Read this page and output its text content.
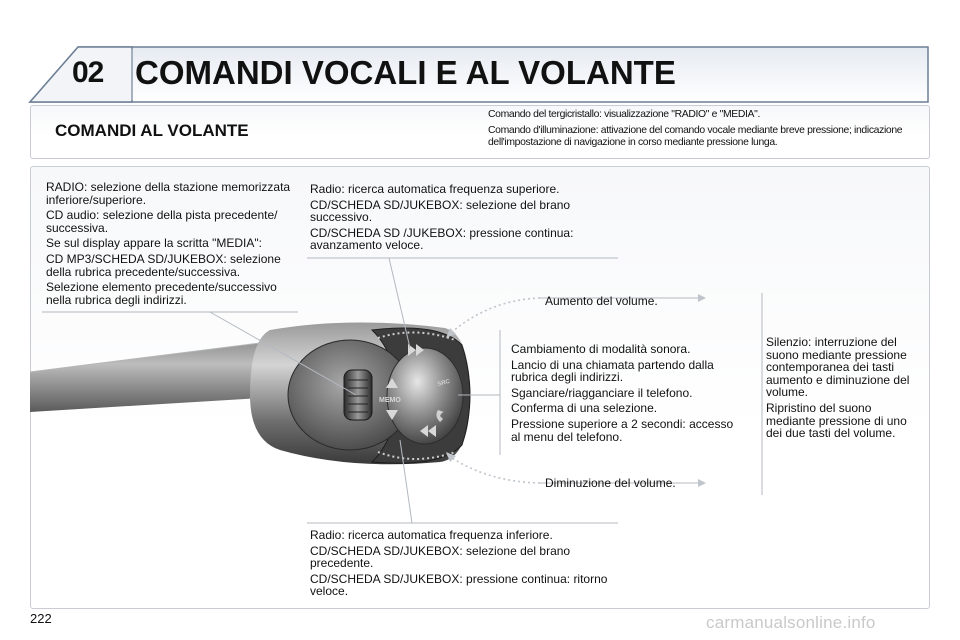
02 COMANDI VOCALI E AL VOLANTE
COMANDI AL VOLANTE

Comando del tergicristallo: visualizzazione "RADIO" e "MEDIA".

Comando d'illuminazione: attivazione del comando vocale mediante breve pressione; indicazione dell'impostazione di navigazione in corso mediante pressione lunga.

MEMO
SRC

RADIO: selezione della stazione memorizzata inferiore/superiore.

CD audio: selezione della pista precedente/ successiva.

Se sul display appare la scritta "MEDIA":

CD MP3/SCHEDA SD/JUKEBOX: selezione della rubrica precedente/successiva.

Selezione elemento precedente/successivo nella rubrica degli indirizzi.

Radio: ricerca automatica frequenza superiore.

CD/SCHEDA SD/JUKEBOX: selezione del brano successivo.

CD/SCHEDA SD /JUKEBOX: pressione continua: avanzamento veloce.

Aumento del volume.

Cambiamento di modalità sonora.

Lancio di una chiamata partendo dalla rubrica degli indirizzi.

Sganciare/riagganciare il telefono.

Conferma di una selezione.

Pressione superiore a 2 secondi: accesso al menu del telefono.

Silenzio: interruzione del suono mediante pressione contemporanea dei tasti aumento e diminuzione del volume.

Ripristino del suono mediante pressione di uno dei due tasti del volume.

Diminuzione del volume.

Radio: ricerca automatica frequenza inferiore.

CD/SCHEDA SD/JUKEBOX: selezione del brano precedente.

CD/SCHEDA SD/JUKEBOX: pressione continua: ritorno veloce.

222	carmanualsonline.info
